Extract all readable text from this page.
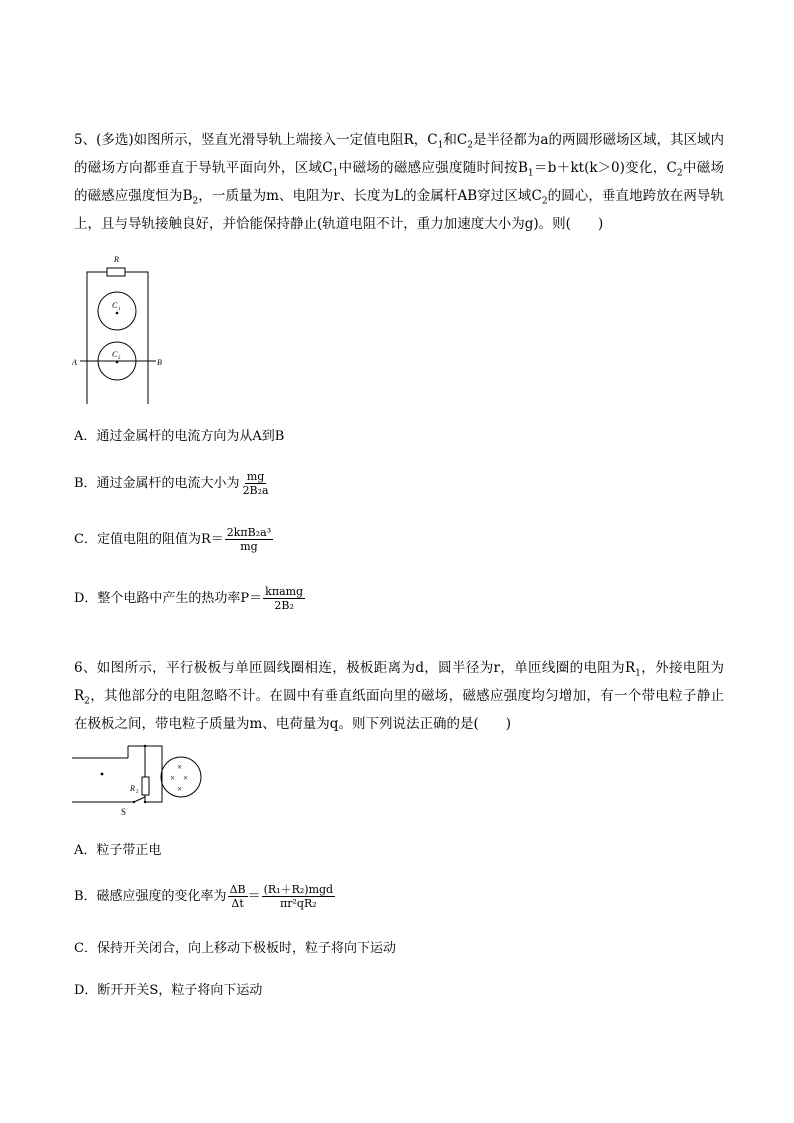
5、(多选)如图所示，竖直光滑导轨上端接入一定值电阻R，$C_1$和$C_2$是半径都为a的两圆形磁场区域，其区域内的磁场方向都垂直于导轨平面向外，区域$C_1$中磁场的磁感应强度随时间按$B_1=b+kt(k>0)$变化，$C_2$中磁场的磁感应强度恒为$B_2$，一质量为m、电阻为r、长度为L的金属杆AB穿过区域$C_2$的圆心，垂直地跨放在两导轨上，且与导轨接触良好，并恰能保持静止(轨道电阻不计，重力加速度大小为g)。则(　　)
R
C 1
C 2
A	B
A．通过金属杆的电流方向为从A到B
B．通过金属杆的电流大小为 $\frac{mg}{\text{2B₂a}}$
C．定值电阻的阻值为$R= \frac{\text{2kπB₂a³}}{mg}$
D．整个电路中产生的热功率$P= \frac{\text{kπamg}}{\text{2B₂}}$
6、如图所示，平行极板与单匝圆线圈相连，极板距离为d，圆半径为r，单匝线圈的电阻为$R_1$，外接电阻为$R_2$，其他部分的电阻忽略不计。在圆中有垂直纸面向里的磁场，磁感应强度均匀增加，有一个带电粒子静止在极板之间，带电粒子质量为m、电荷量为q。则下列说法正确的是(　　)
R 2
S
×
× ×
×
A．粒子带正电
B．磁感应强度的变化率为 $\frac{\Delta B}{\Delta t} = \frac{\text{(R₁＋R₂)mgd}}{\text{πr²qR₂}}$
C．保持开关闭合，向上移动下极板时，粒子将向下运动
D．断开开关S，粒子将向下运动
